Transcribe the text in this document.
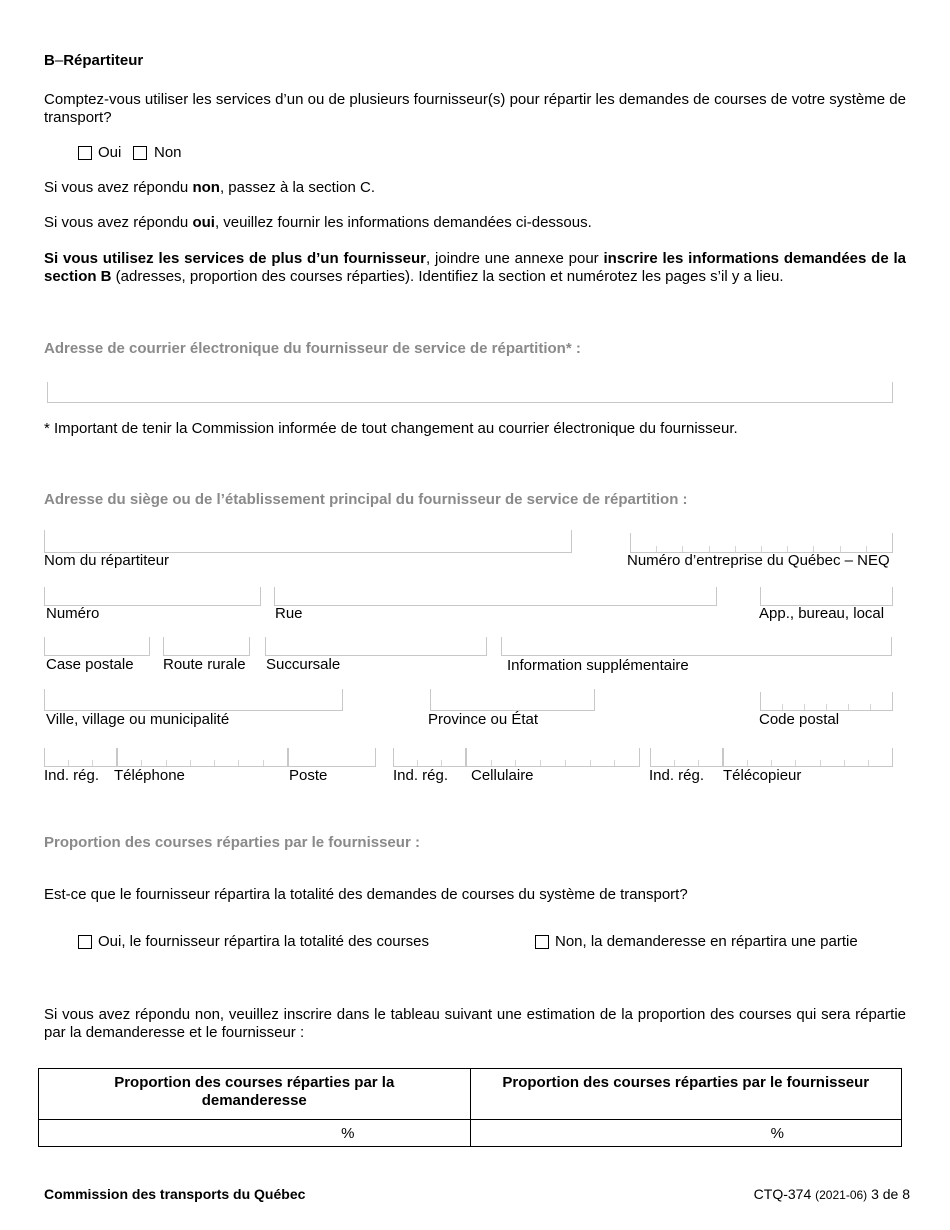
B–Répartiteur
Comptez-vous utiliser les services d’un ou de plusieurs fournisseur(s) pour répartir les demandes de courses de votre système de transport?
Oui Non
Si vous avez répondu non, passez à la section C.
Si vous avez répondu oui, veuillez fournir les informations demandées ci-dessous.
Si vous utilisez les services de plus d’un fournisseur, joindre une annexe pour inscrire les informations demandées de la section B (adresses, proportion des courses réparties). Identifiez la section et numérotez les pages s’il y a lieu.
Adresse de courrier électronique du fournisseur de service de répartition* :
* Important de tenir la Commission informée de tout changement au courrier électronique du fournisseur.
Adresse du siège ou de l’établissement principal du fournisseur de service de répartition :
Nom du répartiteur	Numéro d’entreprise du Québec – NEQ
Numéro	Rue	App., bureau, local
Case postale Route rurale Succursale	Information supplémentaire
Ville, village ou municipalité	Province ou État	Code postal
Ind. rég. Téléphone	Poste	Ind. rég. Cellulaire	Ind. rég. Télécopieur
Proportion des courses réparties par le fournisseur :
Est-ce que le fournisseur répartira la totalité des demandes de courses du système de transport?
Oui, le fournisseur répartira la totalité des courses	Non, la demanderesse en répartira une partie
Si vous avez répondu non, veuillez inscrire dans le tableau suivant une estimation de la proportion des courses qui sera répartie par la demanderesse et le fournisseur :
Proportion des courses réparties par la demanderesse	Proportion des courses réparties par le fournisseur

%	%
Commission des transports du Québec	CTQ-374 (2021-06) 3 de 8
